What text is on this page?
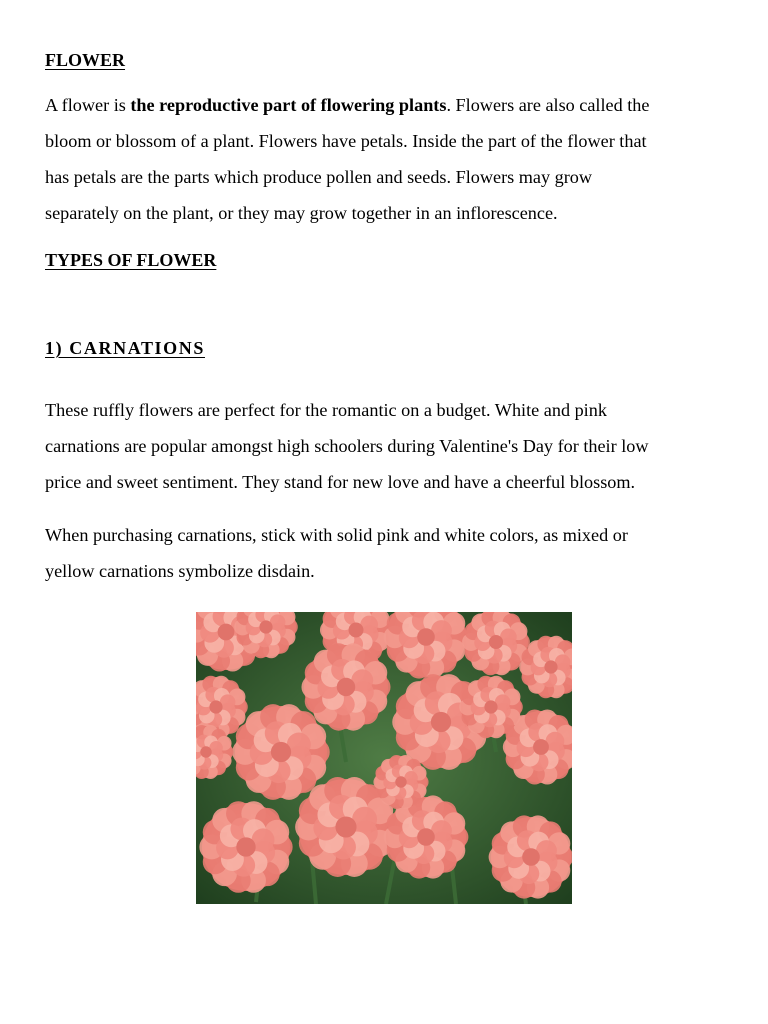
FLOWER

A flower is the reproductive part of flowering plants. Flowers are also called the
bloom or blossom of a plant. Flowers have petals. Inside the part of the flower that
has petals are the parts which produce pollen and seeds. Flowers may grow
separately on the plant, or they may grow together in an inflorescence.

TYPES OF FLOWER
1) CARNATIONS

These ruffly flowers are perfect for the romantic on a budget. White and pink
carnations are popular amongst high schoolers during Valentine's Day for their low
price and sweet sentiment. They stand for new love and have a cheerful blossom.

When purchasing carnations, stick with solid pink and white colors, as mixed or
yellow carnations symbolize disdain.
